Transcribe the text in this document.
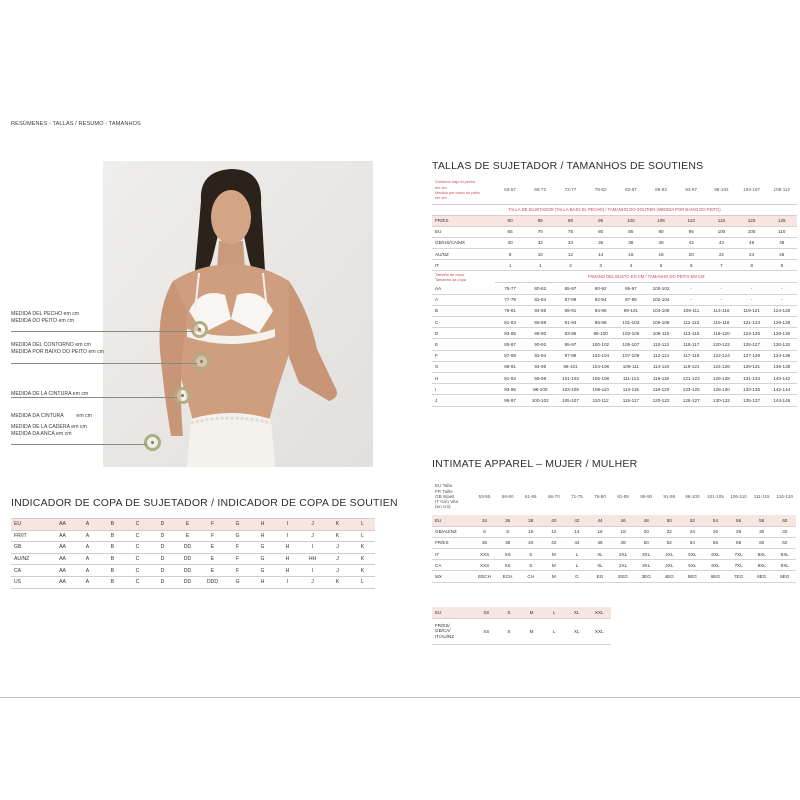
RESÚMENES - TALLAS / RESUMO - TAMANHOS
MEDIDA DEL PECHO em cm
MEDIDA DO PEITO em cm
MEDIDA DEL CONTORNO em cm
MEDIDA POR BAIXO DO PEITO em cm

MEDIDA DE LA CINTURA em cm

MEDIDA DA CINTURA         em cm

MEDIDA DE LA CADERA em cm
MEDIDA DA ANCA em cm
INDICADOR DE COPA DE SUJETADOR / INDICADOR DE COPA DE SOUTIEN
EU	AA	A	B	C	D	E	F	G	H	I	J	K	L
FR/IT	AA	A	B	C	D	E	F	G	H	I	J	K	L
GB	AA	A	B	C	D	DD	E	F	G	H	I	J	K
AU/NZ	AA	A	B	C	D	DD	E	F	G	H	HH	J	K
CA	AA	A	B	C	D	DD	E	F	G	H	I	J	K
US	AA	A	B	C	D	DD	DDD	G	H	I	J	K	L
TALLAS DE SUJETADOR / TAMANHOS DE SOUTIENS
Contorno bajo el pecho
em cm
Medida por baixo do peito
em cm	63-67	68-72	73-77	78-82	83-87	88-92	93-97	98-102	103-107	108-112
TALLA DE SUJETADOR (TALLA BAJO EL PECHO) / TAMANHO DO SOUTIEN (MEDIDA POR BAIXO DO PEITO)										
FR/ES	80	85	90	95	100	105	110	115	120	125
EU	65	70	75	80	85	90	95	100	105	110
GB/US/CA/MX	30	32	34	36	38	40	42	44	46	48
AU/NZ	8	10	12	14	16	18	20	22	24	26
IT	1	1	2	3	4	5	6	7	8	9
Tamaño de copa
Tamanho da copa	TAMAÑO DEL BUSTO EN CM / TAMANHO DO PEITO EM CM									
AA	75-77	80-82	85-87	90-92	95-97	100-102	-	-	-	-
A	77-79	82-84	87-89	92-94	97-99	102-104	-	-	-	-
B	79-81	84-86	89-91	94-96	99-101	104-106	109-111	114-116	119-121	124-126
C	81-83	86-88	91-93	96-98	101-103	106-108	111-113	116-118	121-123	126-128
D	83-85	88-90	93-95	98-100	103-105	108-110	113-115	118-120	123-125	128-130
E	85-87	90-92	95-97	100-102	105-107	110-112	115-117	120-122	125-127	130-132
F	87-89	92-94	97-99	102-104	107-109	112-114	117-119	122-124	127-129	134-136
G	89-91	94-96	99-101	104-106	109-111	114-116	119-121	124-126	129-131	136-138
H	91-93	96-98	101-103	106-108	111-113	116-118	121-123	126-128	131-133	140-142
I	93-95	98-100	103-105	108-110	113-115	118-120	123-125	128-130	133-135	142-144
J	95-97	100-102	105-107	110-112	115-117	120-122	125-127	130-132	135-137	144-146
INTIMATE APPAREL – MUJER / MULHER
EU Talla
FR Taille
GB Waist
IT Giro Vita
(en cm)	53-55	56-60	61-65	66-70	71-75	76-80	81-85	86-90	91-95	96-100	101-105	106-110	111-115	116-120
EU	34	36	38	40	42	44	46	48	50	52	54	56	58	60
GB/AU/NZ	6	8	10	12	14	16	18	20	22	24	26	28	30	32
FR/ES	36	38	40	42	44	46	48	50	52	54	56	58	60	62
IT	XXS	XS	S	M	L	XL	2XL	3XL	4XL	5XL	6XL	7XL	8XL	9XL
CA	XXS	XS	S	M	L	XL	2XL	3XL	4XL	5XL	6XL	7XL	8XL	9XL
MX	EECH	ECH	CH	M	G	EG	EEG	3EG	4EG	5EG	6EG	7EG	8EG	9EG
EU	XS	S	M	L	XL	XXL
FR/ES/
GB/CA/
IT/AU/NZ	XS	S	M	L	XL	XXL
